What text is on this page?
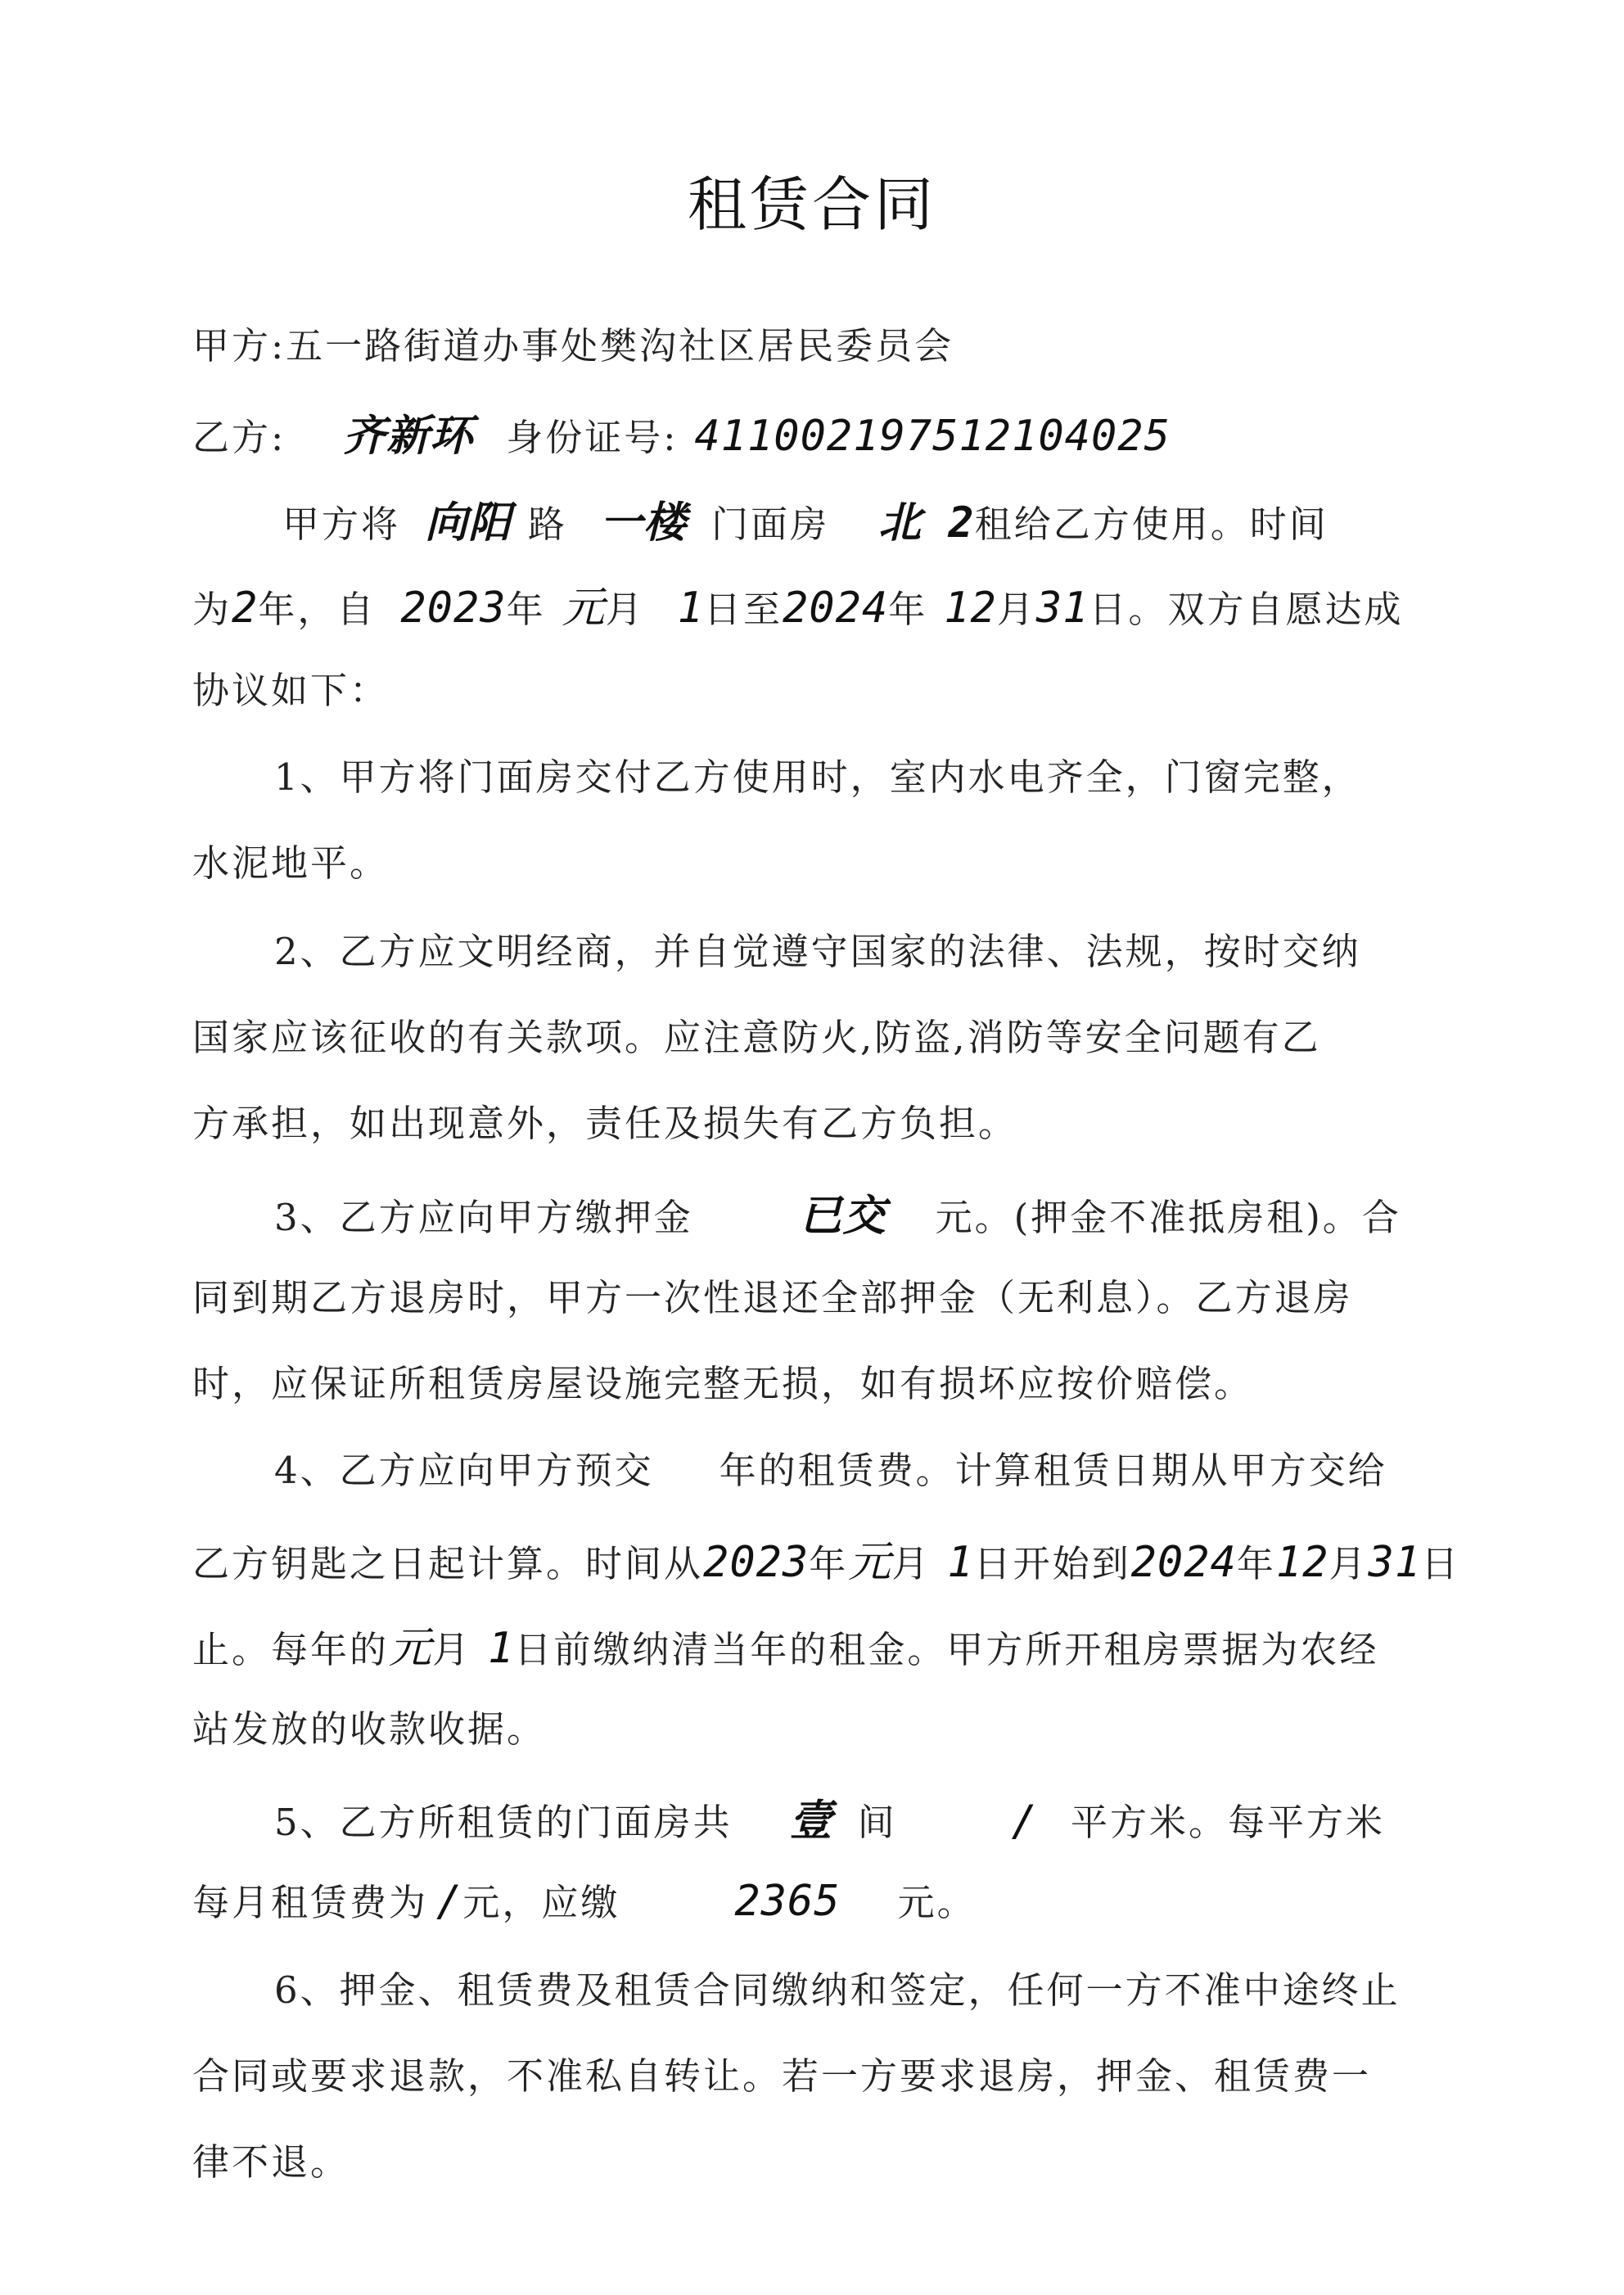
租赁合同
甲方:五一路街道办事处樊沟社区居民委员会
乙方: 齐新环 身份证号: 411002197512104025
甲方将 向阳 路 一楼 门面房 北 2租给乙方使用。时间
为2年，自 2023年 元月 1日至2024年 12月31日。双方自愿达成
协议如下：
1、甲方将门面房交付乙方使用时，室内水电齐全，门窗完整，
水泥地平。
2、乙方应文明经商，并自觉遵守国家的法律、法规，按时交纳
国家应该征收的有关款项。应注意防火,防盗,消防等安全问题有乙
方承担，如出现意外，责任及损失有乙方负担。
3、乙方应向甲方缴押金	已交 元。(押金不准抵房租)。合
同到期乙方退房时，甲方一次性退还全部押金（无利息）。乙方退房
时，应保证所租赁房屋设施完整无损，如有损坏应按价赔偿。
4、乙方应向甲方预交 年的租赁费。计算租赁日期从甲方交给
乙方钥匙之日起计算。时间从2023年元月 1日开始到2024年12月31日
止。每年的元月 1日前缴纳清当年的租金。甲方所开租房票据为农经
站发放的收款收据。
5、乙方所租赁的门面房共 壹 间	/ 平方米。每平方米
每月租赁费为 /元，应缴	2365 元。
6、押金、租赁费及租赁合同缴纳和签定，任何一方不准中途终止
合同或要求退款，不准私自转让。若一方要求退房，押金、租赁费一
律不退。
